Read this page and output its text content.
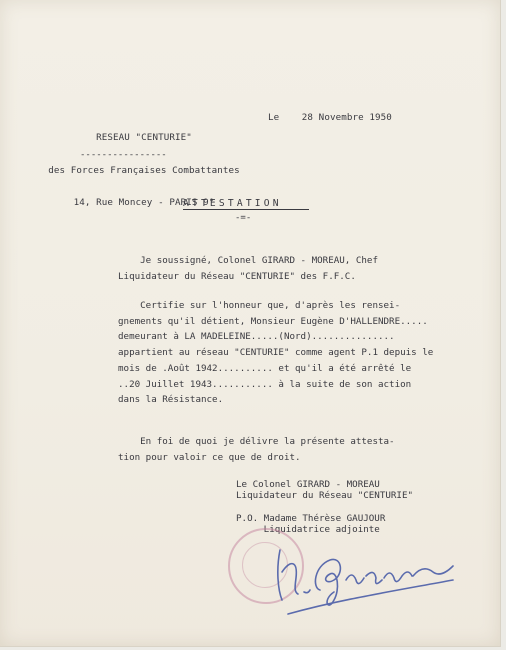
RESEAU "CENTURIE"

des Forces Françaises Combattantes

14, Rue Moncey - PARIS 9°

----------------
Le    28 Novembre 1950
ATTESTATION
-=-
Je soussigné, Colonel GIRARD - MOREAU, Chef
Liquidateur du Réseau "CENTURIE" des F.F.C.
Certifie sur l'honneur que, d'après les rensei-
gnements qu'il détient, Monsieur Eugène D'HALLENDRE.....
demeurant à LA MADELEINE.....(Nord)...............
appartient au réseau "CENTURIE" comme agent P.1 depuis le
mois de .Août 1942.......... et qu'il a été arrêté le
..20 Juillet 1943........... à la suite de son action
dans la Résistance.
En foi de quoi je délivre la présente attesta-
tion pour valoir ce que de droit.
Le Colonel GIRARD - MOREAU
Liquidateur du Réseau "CENTURIE"
P.O. Madame Thérèse GAUJOUR
Liquidatrice adjointe
